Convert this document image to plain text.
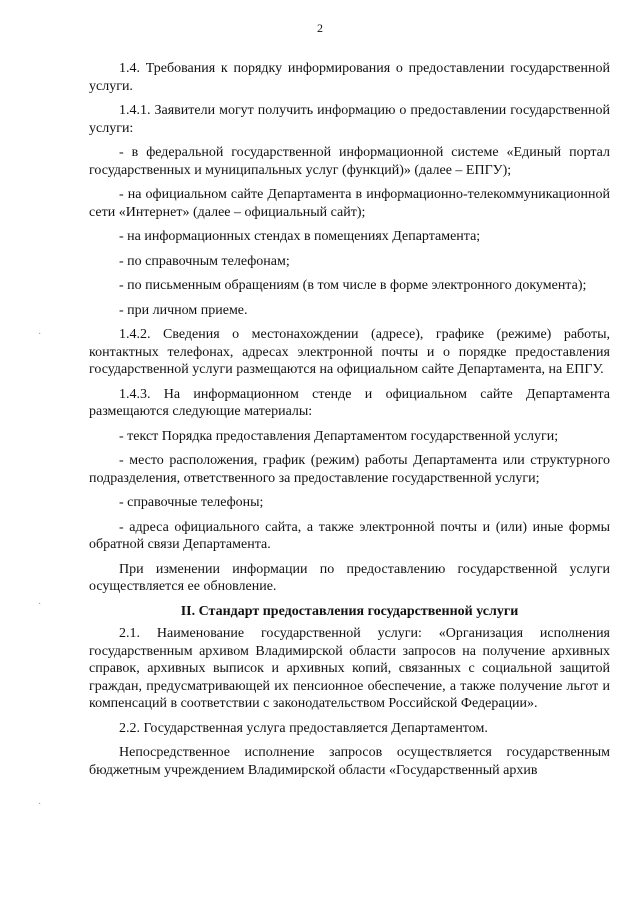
2
·
·
·

1.4. Требования к порядку информирования о предоставлении государственной услуги.

1.4.1. Заявители могут получить информацию о предоставлении государственной услуги:

- в федеральной государственной информационной системе «Единый портал государственных и муниципальных услуг (функций)» (далее – ЕПГУ);

- на официальном сайте Департамента в информационно-телекоммуникационной сети «Интернет» (далее – официальный сайт);

- на информационных стендах в помещениях Департамента;

- по справочным телефонам;

- по письменным обращениям (в том числе в форме электронного документа);

- при личном приеме.

1.4.2. Сведения о местонахождении (адресе), графике (режиме) работы, контактных телефонах, адресах электронной почты и о порядке предоставления государственной услуги размещаются на официальном сайте Департамента, на ЕПГУ.

1.4.3. На информационном стенде и официальном сайте Департамента размещаются следующие материалы:

- текст Порядка предоставления Департаментом государственной услуги;

- место расположения, график (режим) работы Департамента или структурного подразделения, ответственного за предоставление государственной услуги;

- справочные телефоны;

- адреса официального сайта, а также электронной почты и (или) иные формы обратной связи Департамента.

При изменении информации по предоставлению государственной услуги осуществляется ее обновление.

II. Стандарт предоставления государственной услуги

2.1. Наименование государственной услуги: «Организация исполнения государственным архивом Владимирской области запросов на получение архивных справок, архивных выписок и архивных копий, связанных с социальной защитой граждан, предусматривающей их пенсионное обеспечение, а также получение льгот и компенсаций в соответствии с законодательством Российской Федерации».

2.2. Государственная услуга предоставляется Департаментом.

Непосредственное исполнение запросов осуществляется государственным бюджетным учреждением Владимирской области «Государственный архив
